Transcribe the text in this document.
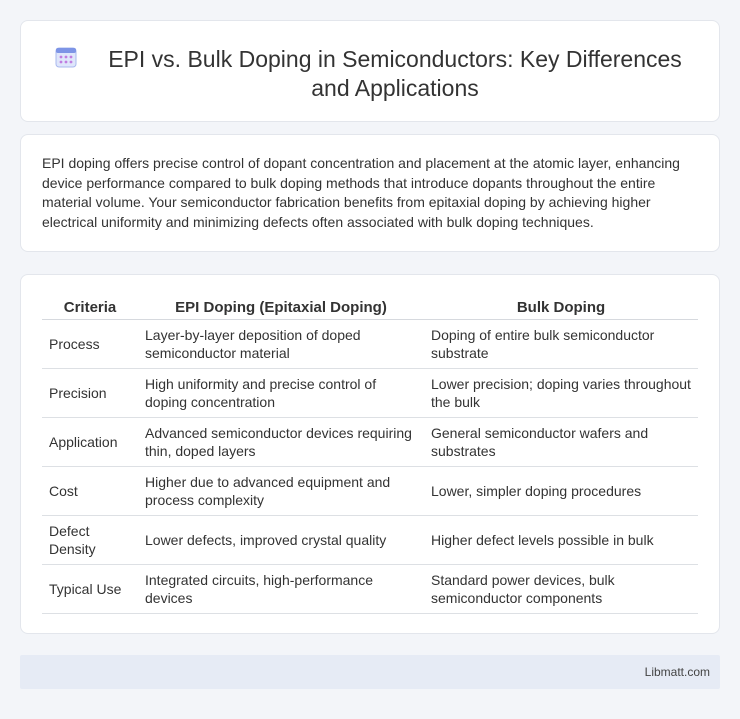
EPI vs. Bulk Doping in Semiconductors: Key Differences and Applications

EPI doping offers precise control of dopant concentration and placement at the atomic layer, enhancing device performance compared to bulk doping methods that introduce dopants throughout the entire material volume. Your semiconductor fabrication benefits from epitaxial doping by achieving higher electrical uniformity and minimizing defects often associated with bulk doping techniques.

Criteria	EPI Doping (Epitaxial Doping)	Bulk Doping
Process	Layer-by-layer deposition of doped semiconductor material	Doping of entire bulk semiconductor substrate
Precision	High uniformity and precise control of doping concentration	Lower precision; doping varies throughout the bulk
Application	Advanced semiconductor devices requiring thin, doped layers	General semiconductor wafers and substrates
Cost	Higher due to advanced equipment and process complexity	Lower, simpler doping procedures
Defect Density	Lower defects, improved crystal quality	Higher defect levels possible in bulk
Typical Use	Integrated circuits, high-performance devices	Standard power devices, bulk semiconductor components
Libmatt.com
